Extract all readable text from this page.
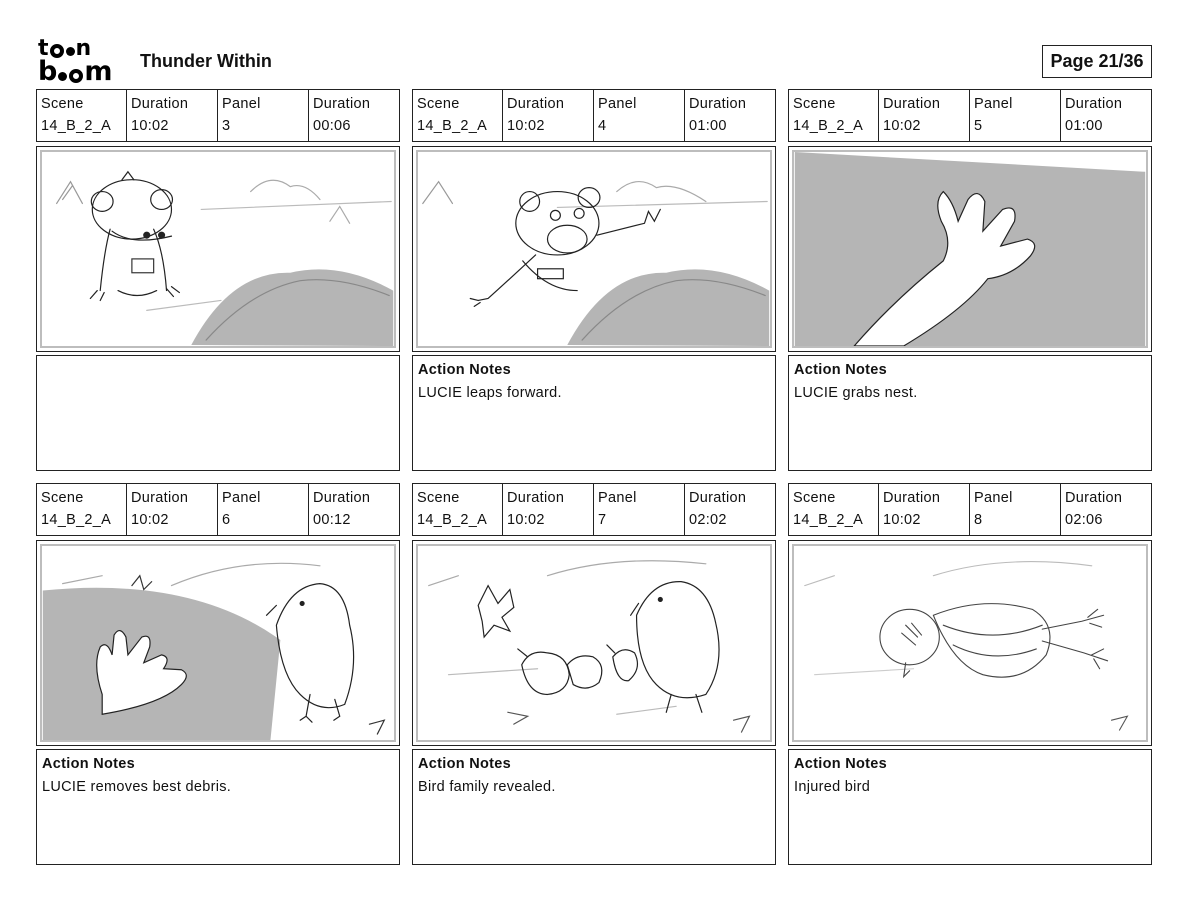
t n
b m Thunder Within	Page 21/36
Scene
14_B_2_A
Duration
10:02
Panel
3
Duration
00:06
Scene
14_B_2_A
Duration
10:02
Panel
4
Duration
01:00
Action Notes
LUCIE leaps forward.
Scene
14_B_2_A
Duration
10:02
Panel
5
Duration
01:00
Action Notes
LUCIE grabs nest.
Scene
14_B_2_A
Duration
10:02
Panel
6
Duration
00:12
Action Notes
LUCIE removes best debris.
Scene
14_B_2_A
Duration
10:02
Panel
7
Duration
02:02
Action Notes
Bird family revealed.
Scene
14_B_2_A
Duration
10:02
Panel
8
Duration
02:06
Action Notes
Injured bird
